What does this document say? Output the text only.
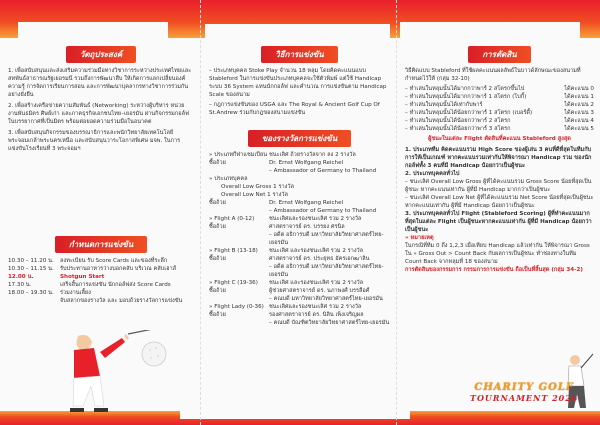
วัตถุประสงค์
1. เพื่อสนับสนุนและส่งเสริมความร่วมมือทางวิชาการระหว่างประเทศไทยและสหพันธ์สาธารณรัฐเยอรมนี รวมถึงการพัฒนาสืบ ให้เกิดการแลกเปลี่ยนองค์ความรู้ การจัดการเรียนการสอน และการพัฒนาบุคลากรทางวิชาการร่วมกันอย่างยั่งยืน
2. เพื่อสร้างเครือข่ายความสัมพันธ์ (Networking) ระหว่างผู้บริหาร หน่วยงานพันธมิตร ศิษย์เก่า และภาคธุรกิจเอกชนไทย–เยอรมัน ผ่านกิจกรรมกอล์ฟในบรรยากาศที่เป็นมิตร พร้อมต่อยอดความร่วมมือในอนาคต
3. เพื่อสนับสนุนกิจกรรมของบรรณาธิการและพนักวิทยาลัยเทคโนโลยีพระจอมเกล้าพระนครเหนือ และสนับสนุนวาระโอกาสพิเศษ มจพ. ในการแข่งขันโรงเรียนที่ 3 พระจอมฯ
กำหนดการแข่งขัน
10.30 – 11.20 น.	ลงทะเบียน รับ Score Cards และของที่ระลึก
10.30 – 11.15 น.	รับประทานอาหารว่างบอกคลับ บริเวณ คลับเฮาส์
12.00 น.	Shotgun Start
17.30 น.	เสร็จสิ้นการแข่งขัน นักกอล์ฟส่ง Score Cards
18.00 – 19.30 น.	ร่วมงานเลี้ยง
จับสลากของรางวัล และ มอบถ้วยรางวัลการแข่งขัน
วิธีการแข่งขัน
– ประเภทบุคคล Stoke Play จำนวน 18 หลุม โดยคิดคะแนนแบบ Stableford ในการแข่งขันประเภทบุคคลจะใช้ตัวพิมพ์ แต่ใช้ Handicap ระบบ 36 System แทนนักกอล์ฟ และคำนวณ การแข่งขันตาม Handicap Scale ของสนาม
– กฎการแข่งขันของ USGA และ The Royal & Ancient Golf Cup Of St.Andrew ร่วมกับกฎของสนามแข่งขัน
ของรางวัลการแข่งขัน
» ประเภทกีฬาแชมเปียน ชนะเลิศ ถ้วยรางวัลจาก ลง 2 รางวัล
ซื้อถ้วย	Dr. Ernst Wolfgang Reichel
– Ambassador of Germany to Thailand
» ประเภทบุคคล
Overall Low Gross 1 รางวัล
Overall Low Net 1 รางวัล
ซื้อถ้วย	Dr. Ernst Wolfgang Reichel
– Ambassador of Germany to Thailand
» Flight A (0-12)	ชนะเลิศและรองชนะเลิศ รวม 2 รางวัล
ซื้อถ้วย	ศาสตราจารย์ ดร. บรรยง ศรนิล
– อดีต อธิการบดี มหาวิทยาลัยวิทยาศาสตร์ไทย-เยอรมัน
» Flight B (13-18)	ชนะเลิศ และรองชนะเลิศ รวม 2 รางวัล
ซื้อถ้วย	ศาสตราจารย์ ดร. ประยุทธ อัครเอกฒาลิน
– อดีต อธิการบดี มหาวิทยาลัยวิทยาศาสตร์ไทย-เยอรมัน
» Flight C (19-36)	ชนะเลิศ และรองชนะเลิศ รวม 2 รางวัล
ซื้อถ้วย	ผู้ช่วยศาสตราจารย์ ดร. นภาพงศ์ บรรลือศ์
– คณบดี มหาวิทยาลัยวิทยาศาสตร์ไทย-เยอรมัน
» Flight Lady (0-36) ชนะเลิศและรองชนะเลิศ รวม 2 รางวัล
ซื้อถ้วย	รองศาสตราจารย์ ดร. นิลิน เพ็งเจริญผล
– คณบดี บัณฑิตวิทยาลัยวิทยาศาสตร์ไทย-เยอรมัน
การตัดสิน
วิธีคิดแบบ Stableford ที่ใช้ผลคะแนนผลลัพธ์ในบาวด์ลักษณะของสนามที่กำหนดไว้ให้ (กลุ่ม 32-10)
– ทำเล่นในหลุมนั้นได้มากกว่าพาร์ 2 สโตรกขึ้นไป	ได้คะแนน 0
– ทำเล่นในหลุมนั้นได้มากกว่าพาร์ 1 สโตรก (โบกี้)	ได้คะแนน 1
– ทำเล่นในหลุมนั้นได้เท่ากับพาร์	ได้คะแนน 2
– ทำเล่นในหลุมนั้นได้น้อยกว่าพาร์ 1 สโตรก (เบอร์ดี้)	ได้คะแนน 3
– ทำเล่นในหลุมนั้นได้น้อยกว่าพาร์ 2 สโตรก	ได้คะแนน 4
– ทำเล่นในหลุมนั้นได้น้อยกว่าพาร์ 3 สโตรก	ได้คะแนน 5
ผู้ชนะในแต่ละ Flight ตัดสินที่คะแนน Stableford สูงสุด
1. ประเภททีม คิดคะแนนรวม High Score ของผู้เล่น 3 คนที่ดีที่สุดในทีมกับการให้เป็นเกณฑ์ หากคะแนนรวมเท่ากันให้พิจารณา Handicap รวม ของนักกอล์ฟทั้ง 3 คนที่มี Handicap น้อยกว่าเป็นผู้ชนะ
2. ประเภทบุคคลทั่วไป
– ชนะเลิศ Overall Low Gross ผู้ที่ได้คะแนนรวม Gross Score น้อยที่สุดเป็นผู้ชนะ หากคะแนนเท่ากัน ผู้ที่มี Handicap มากกว่าเป็นผู้ชนะ
– ชนะเลิศ Overall Low Net ผู้ที่ได้คะแนนรวม Net Score น้อยที่สุดเป็นผู้ชนะ หากคะแนนเท่ากัน ผู้ที่มี Handicap น้อยกว่าเป็นผู้ชนะ
3. ประเภทบุคคลทั่วไป Flight (Stableford Scoring) ผู้ที่ทำคะแนนมากที่สุดในแต่ละ Flight เป็นผู้ชนะหากคะแนนเท่ากัน ผู้ที่มี Handicap น้อยกว่าเป็นผู้ชนะ
» หมายเหตุ
ในกรณีที่ทีม 0 ถึง 1,2,3 เมื่อเทียบ Handicap แล้วเท่ากัน ให้พิจารณา Gross ใน » Gross Out > Count Back กับผลการเป็นผู้ชนะ ทำช่องทางในทีม Count Back จากหลุมที่ 18 ของสนาม
การตัดสินของกรรมการ กรรมการการแข่งขัน ถือเป็นที่สิ้นสุด (กลุ่ม 34-2)
CHARITY GOLF
TOURNAMENT 2026
